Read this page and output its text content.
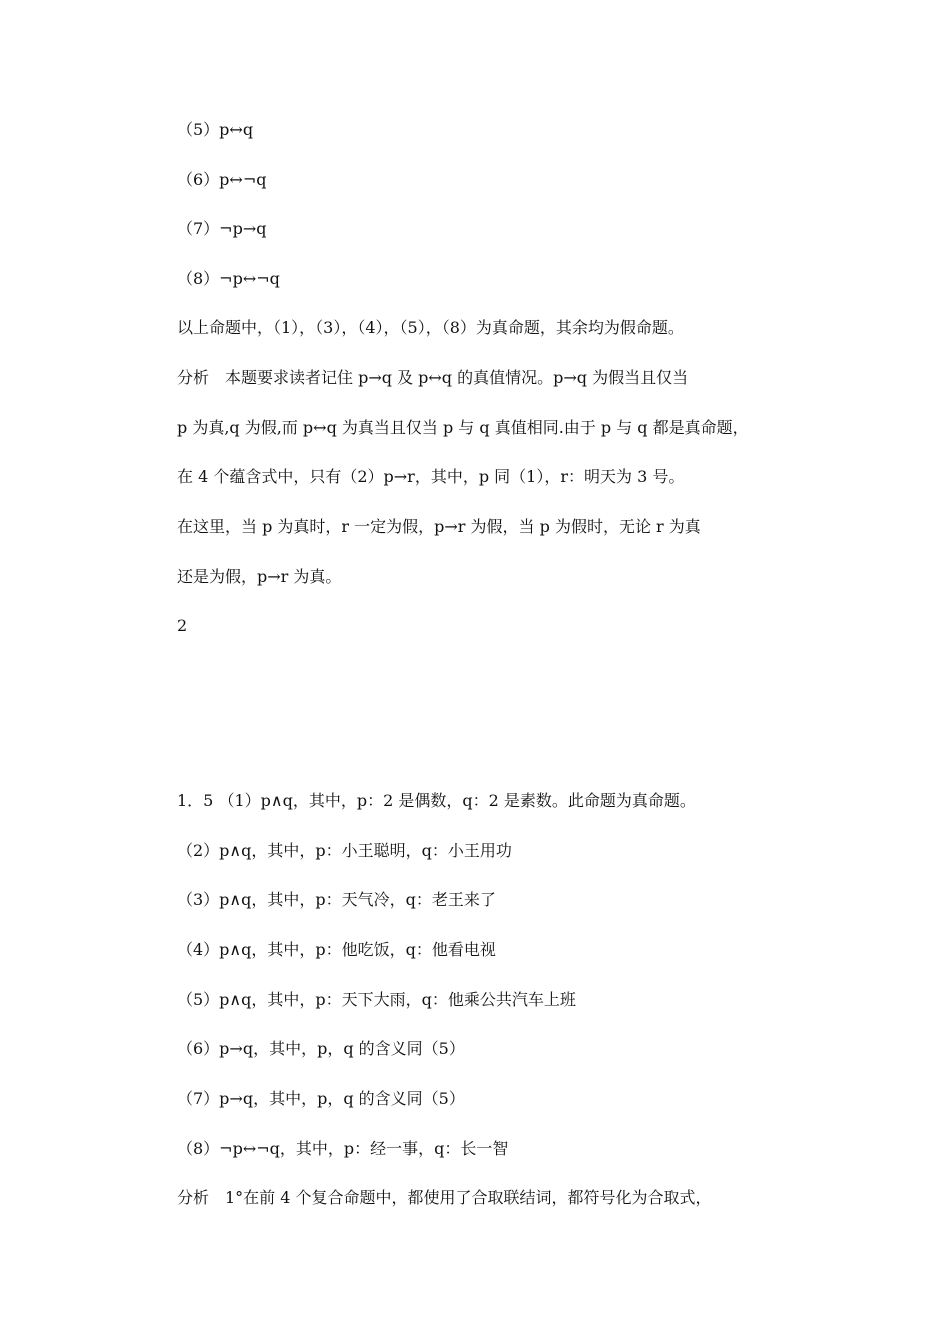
（5）p↔q
（6）p↔¬q
（7）¬p→q
（8）¬p↔¬q
以上命题中，（1），（3），（4），（5），（8）为真命题，其余均为假命题。
分析　本题要求读者记住 p→q 及 p↔q 的真值情况。p→q 为假当且仅当
p 为真,q 为假,而 p↔q 为真当且仅当 p 与 q 真值相同.由于 p 与 q 都是真命题，
在 4 个蕴含式中，只有（2）p→r，其中，p 同（1），r：明天为 3 号。
在这里，当 p 为真时，r 一定为假，p→r 为假，当 p 为假时，无论 r 为真
还是为假，p→r 为真。
2
1．5 （1）p∧q，其中，p：2 是偶数，q：2 是素数。此命题为真命题。
（2）p∧q，其中，p：小王聪明，q：小王用功
（3）p∧q，其中，p：天气冷，q：老王来了
（4）p∧q，其中，p：他吃饭，q：他看电视
（5）p∧q，其中，p：天下大雨，q：他乘公共汽车上班
（6）p→q，其中，p，q 的含义同（5）
（7）p→q，其中，p，q 的含义同（5）
（8）¬p↔¬q，其中，p：经一事，q：长一智
分析　1°在前 4 个复合命题中，都使用了合取联结词，都符号化为合取式，
